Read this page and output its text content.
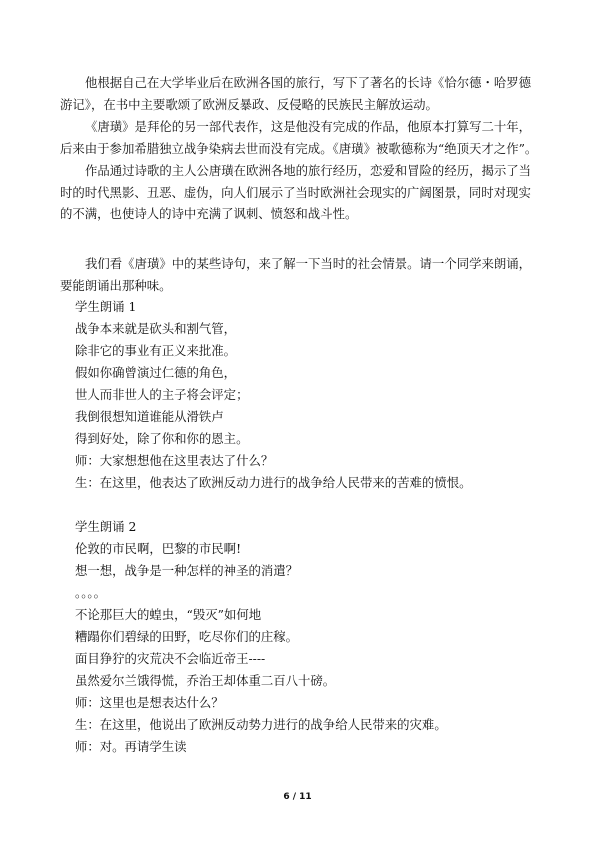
他根据自己在大学毕业后在欧洲各国的旅行，写下了著名的长诗《恰尔德・哈罗德游记》，在书中主要歌颂了欧洲反暴政、反侵略的民族民主解放运动。

《唐璜》是拜伦的另一部代表作，这是他没有完成的作品，他原本打算写二十年，后来由于参加希腊独立战争染病去世而没有完成。《唐璜》被歌德称为“绝顶天才之作”。

作品通过诗歌的主人公唐璜在欧洲各地的旅行经历，恋爱和冒险的经历，揭示了当时的时代黑影、丑恶、虚伪，向人们展示了当时欧洲社会现实的广阔图景，同时对现实的不满，也使诗人的诗中充满了讽刺、愤怒和战斗性。

我们看《唐璜》中的某些诗句，来了解一下当时的社会情景。请一个同学来朗诵，要能朗诵出那种味。

学生朗诵 1
战争本来就是砍头和割气管，
除非它的事业有正义来批准。
假如你确曾演过仁德的角色，
世人而非世人的主子将会评定；
我倒很想知道谁能从滑铁卢
得到好处，除了你和你的恩主。
师：大家想想他在这里表达了什么？
生：在这里，他表达了欧洲反动力进行的战争给人民带来的苦难的愤恨。
学生朗诵 2
伦敦的市民啊，巴黎的市民啊!
想一想，战争是一种怎样的神圣的消遣？
。。。。
不论那巨大的蝗虫，“毁灭”如何地
糟蹋你们碧绿的田野，吃尽你们的庄稼。
面目狰狞的灾荒决不会临近帝王----
虽然爱尔兰饿得慌，乔治王却体重二百八十磅。
师：这里也是想表达什么？
生：在这里，他说出了欧洲反动势力进行的战争给人民带来的灾难。
师：对。再请学生读
6 / 11
